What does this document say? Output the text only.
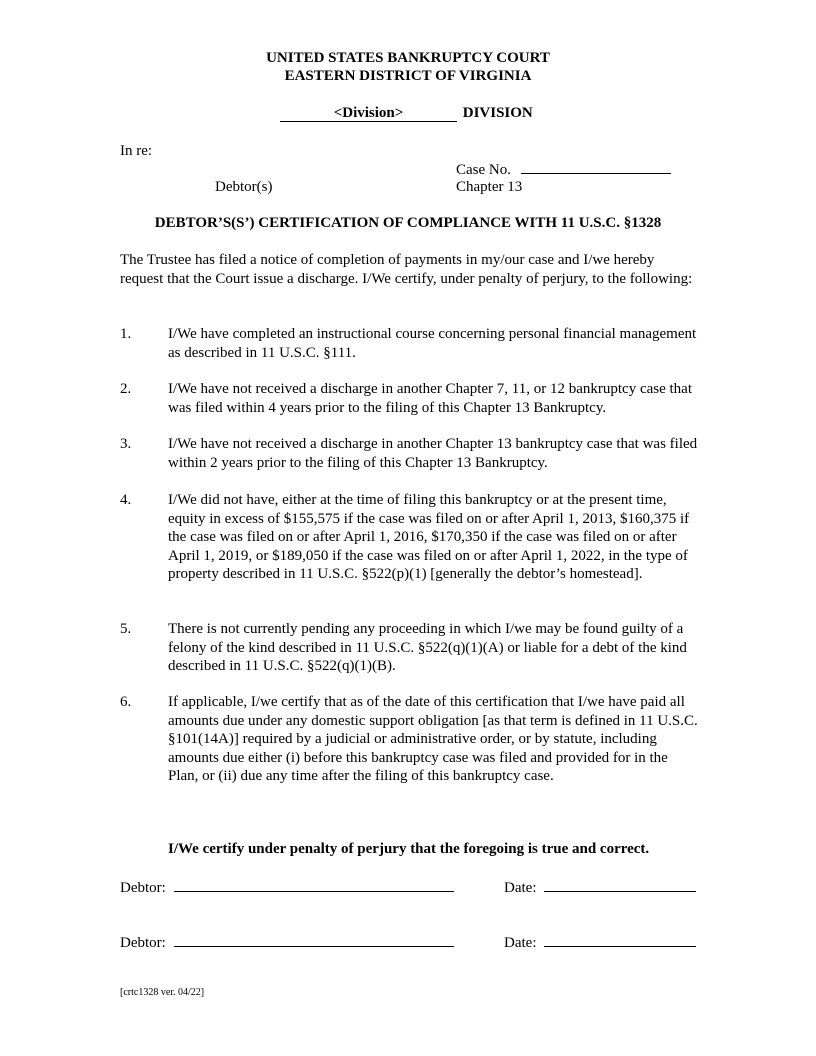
UNITED STATES BANKRUPTCY COURT
EASTERN DISTRICT OF VIRGINIA
<Division>	DIVISION
In re:
Case No.
Debtor(s)	Chapter 13
DEBTOR’S(S’) CERTIFICATION OF COMPLIANCE WITH 11 U.S.C. §1328
The Trustee has filed a notice of completion of payments in my/our case and I/we hereby request that the Court issue a discharge. I/We certify, under penalty of perjury, to the following:
1. I/We have completed an instructional course concerning personal financial management as described in 11 U.S.C. §111.
2. I/We have not received a discharge in another Chapter 7, 11, or 12 bankruptcy case that was filed within 4 years prior to the filing of this Chapter 13 Bankruptcy.
3. I/We have not received a discharge in another Chapter 13 bankruptcy case that was filed within 2 years prior to the filing of this Chapter 13 Bankruptcy.
4. I/We did not have, either at the time of filing this bankruptcy or at the present time, equity in excess of $155,575 if the case was filed on or after April 1, 2013, $160,375 if the case was filed on or after April 1, 2016, $170,350 if the case was filed on or after April 1, 2019, or $189,050 if the case was filed on or after April 1, 2022, in the type of property described in 11 U.S.C. §522(p)(1) [generally the debtor’s homestead].
5. There is not currently pending any proceeding in which I/we may be found guilty of a felony of the kind described in 11 U.S.C. §522(q)(1)(A) or liable for a debt of the kind described in 11 U.S.C. §522(q)(1)(B).
6. If applicable, I/we certify that as of the date of this certification that I/we have paid all amounts due under any domestic support obligation [as that term is defined in 11 U.S.C. §101(14A)] required by a judicial or administrative order, or by statute, including amounts due either (i) before this bankruptcy case was filed and provided for in the Plan, or (ii) due any time after the filing of this bankruptcy case.
I/We certify under penalty of perjury that the foregoing is true and correct.
Debtor:	Date:
Debtor:	Date:
[crtc1328 ver. 04/22]
